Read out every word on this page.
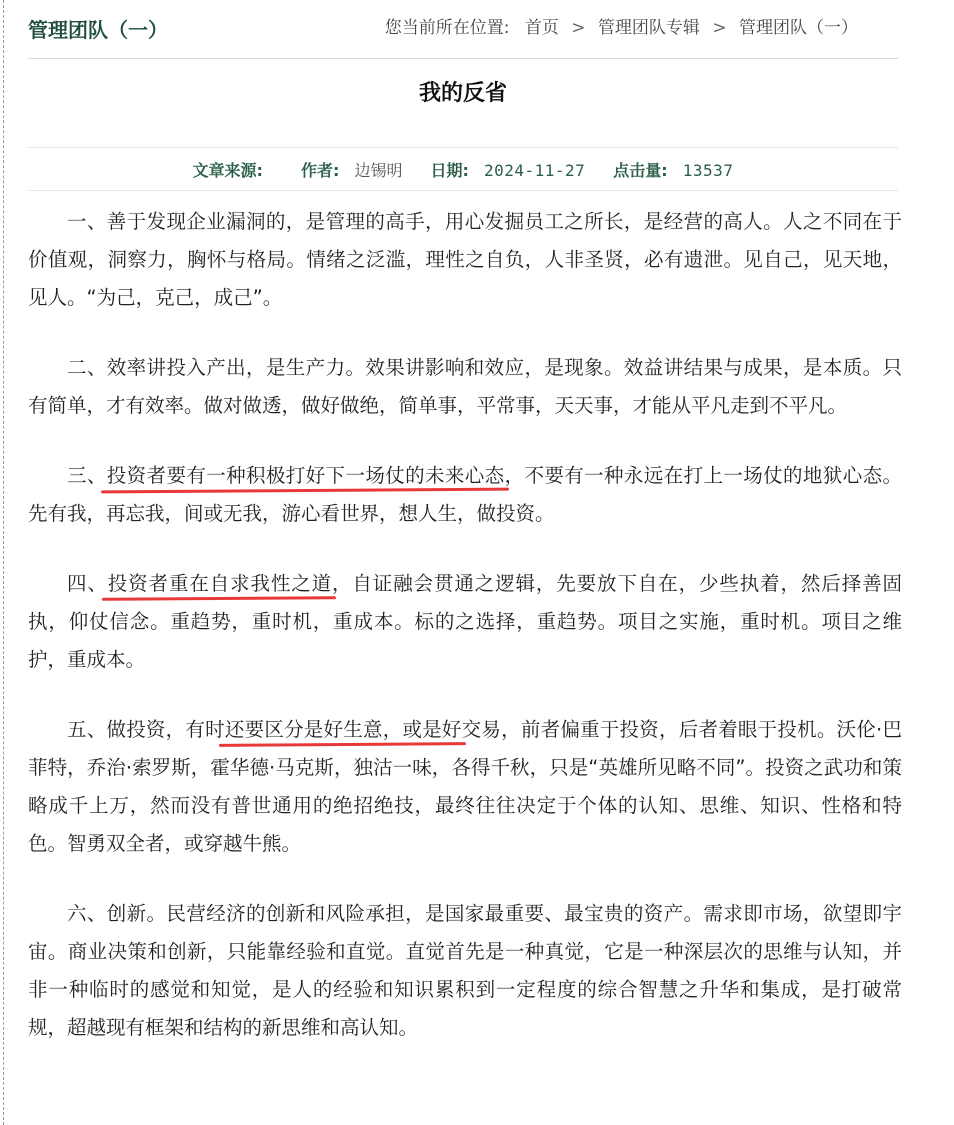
管理团队（一）	您当前所在位置: 首页 > 管理团队专辑 > 管理团队（一）
我的反省
文章来源:	作者: 边锡明 日期: 2024-11-27 点击量: 13537

一、善于发现企业漏洞的，是管理的高手，用心发掘员工之所长，是经营的高人。人之不同在于价值观，洞察力，胸怀与格局。情绪之泛滥，理性之自负，人非圣贤，必有遗泄。见自己，见天地，见人。“为己，克己，成己”。

二、效率讲投入产出，是生产力。效果讲影响和效应，是现象。效益讲结果与成果，是本质。只有简单，才有效率。做对做透，做好做绝，简单事，平常事，天天事，才能从平凡走到不平凡。

三、投资者要有一种积极打好下一场仗的未来心态，不要有一种永远在打上一场仗的地狱心态。先有我，再忘我，间或无我，游心看世界，想人生，做投资。

四、投资者重在自求我性之道，自证融会贯通之逻辑，先要放下自在，少些执着，然后择善固执，仰仗信念。重趋势，重时机，重成本。标的之选择，重趋势。项目之实施，重时机。项目之维护，重成本。

五、做投资，有时还要区分是好生意，或是好交易，前者偏重于投资，后者着眼于投机。沃伦·巴菲特，乔治·索罗斯，霍华德·马克斯，独沽一味，各得千秋，只是“英雄所见略不同”。投资之武功和策略成千上万，然而没有普世通用的绝招绝技，最终往往决定于个体的认知、思维、知识、性格和特色。智勇双全者，或穿越牛熊。

六、创新。民营经济的创新和风险承担，是国家最重要、最宝贵的资产。需求即市场，欲望即宇宙。商业决策和创新，只能靠经验和直觉。直觉首先是一种真觉，它是一种深层次的思维与认知，并非一种临时的感觉和知觉，是人的经验和知识累积到一定程度的综合智慧之升华和集成，是打破常规，超越现有框架和结构的新思维和高认知。
